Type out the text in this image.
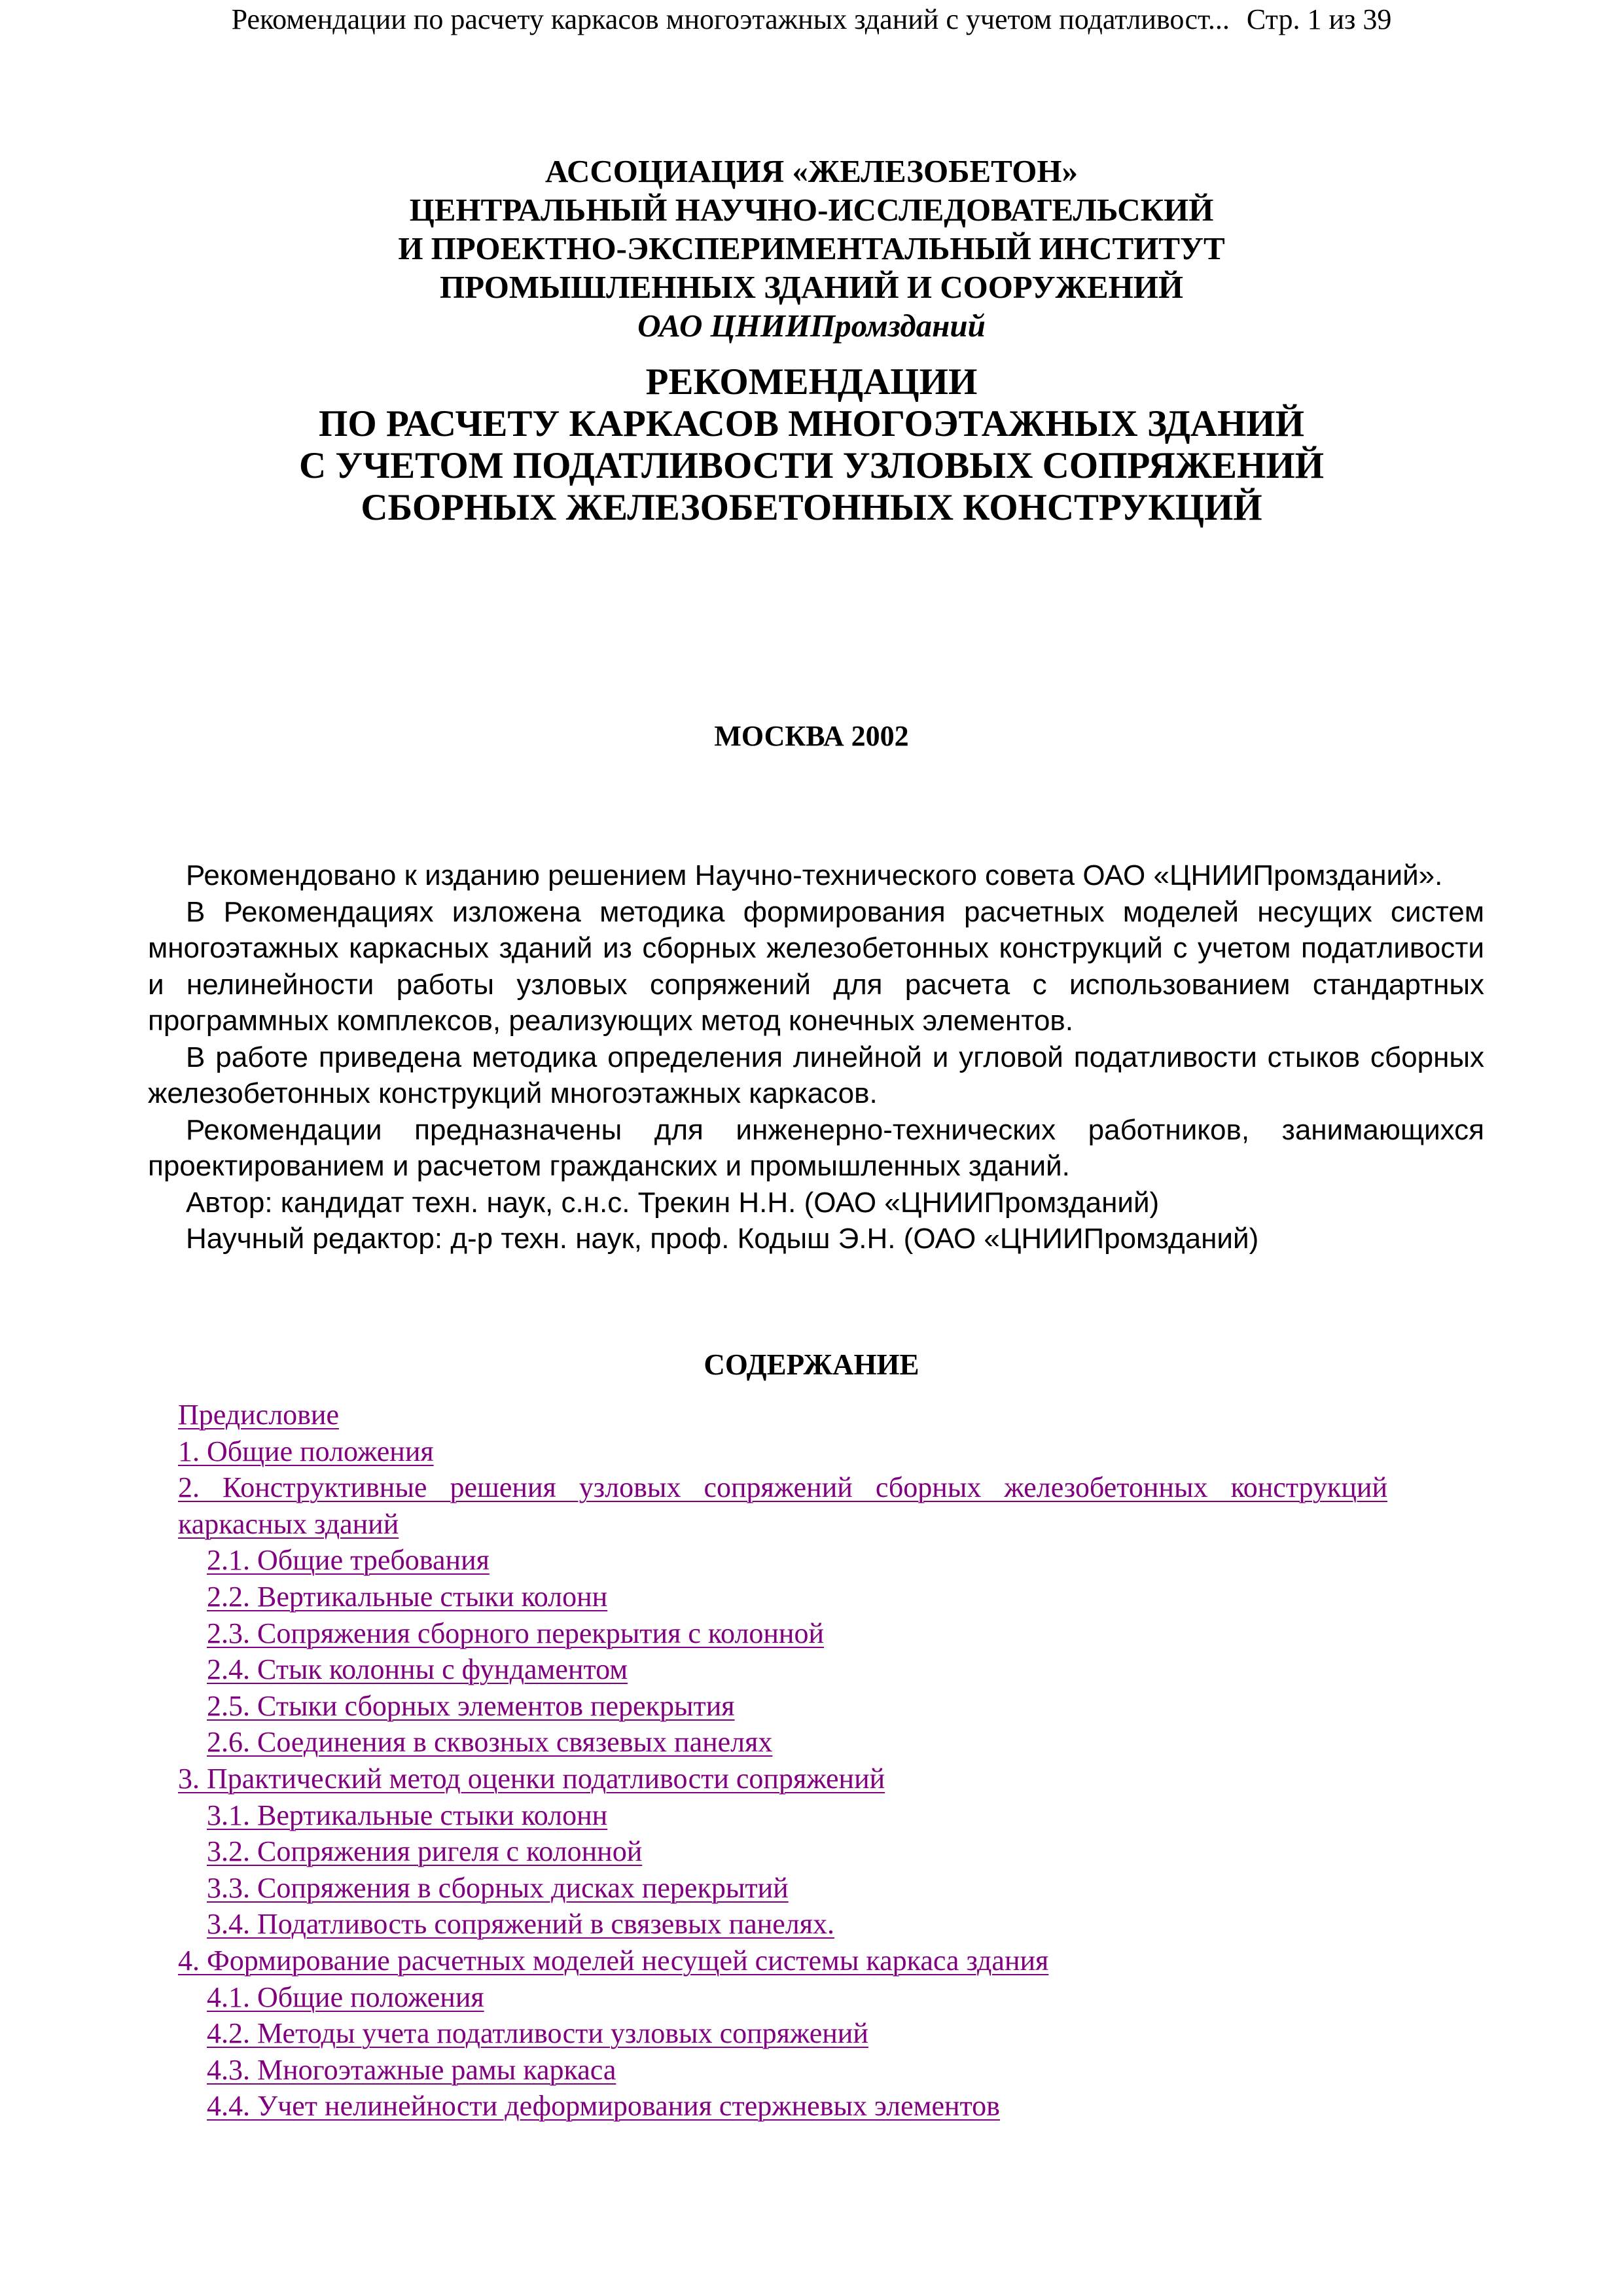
Рекомендации по расчету каркасов многоэтажных зданий с учетом податливост... Стр. 1 из 39
АССОЦИАЦИЯ «ЖЕЛЕЗОБЕТОН»
ЦЕНТРАЛЬНЫЙ НАУЧНО-ИССЛЕДОВАТЕЛЬСКИЙ
И ПРОЕКТНО-ЭКСПЕРИМЕНТАЛЬНЫЙ ИНСТИТУТ
ПРОМЫШЛЕННЫХ ЗДАНИЙ И СООРУЖЕНИЙ
ОАО ЦНИИПромзданий
РЕКОМЕНДАЦИИ
ПО РАСЧЕТУ КАРКАСОВ МНОГОЭТАЖНЫХ ЗДАНИЙ
С УЧЕТОМ ПОДАТЛИВОСТИ УЗЛОВЫХ СОПРЯЖЕНИЙ
СБОРНЫХ ЖЕЛЕЗОБЕТОННЫХ КОНСТРУКЦИЙ
МОСКВА 2002

Рекомендовано к изданию решением Научно-технического совета ОАО «ЦНИИПромзданий».

В Рекомендациях изложена методика формирования расчетных моделей несущих систем многоэтажных каркасных зданий из сборных железобетонных конструкций с учетом податливости и нелинейности работы узловых сопряжений для расчета с использованием стандартных программных комплексов, реализующих метод конечных элементов.

В работе приведена методика определения линейной и угловой податливости стыков сборных железобетонных конструкций многоэтажных каркасов.

Рекомендации предназначены для инженерно-технических работников, занимающихся проектированием и расчетом гражданских и промышленных зданий.

Автор: кандидат техн. наук, с.н.с. Трекин Н.Н. (ОАО «ЦНИИПромзданий)

Научный редактор: д-р техн. наук, проф. Кодыш Э.Н. (ОАО «ЦНИИПромзданий)

СОДЕРЖАНИЕ
Предисловие
1. Общие положения
2. Конструктивные решения узловых сопряжений сборных железобетонных конструкций каркасных зданий
2.1. Общие требования
2.2. Вертикальные стыки колонн
2.3. Сопряжения сборного перекрытия с колонной
2.4. Стык колонны с фундаментом
2.5. Стыки сборных элементов перекрытия
2.6. Соединения в сквозных связевых панелях
3. Практический метод оценки податливости сопряжений
3.1. Вертикальные стыки колонн
3.2. Сопряжения ригеля с колонной
3.3. Сопряжения в сборных дисках перекрытий
3.4. Податливость сопряжений в связевых панелях.
4. Формирование расчетных моделей несущей системы каркаса здания
4.1. Общие положения
4.2. Методы учета податливости узловых сопряжений
4.3. Многоэтажные рамы каркаса
4.4. Учет нелинейности деформирования стержневых элементов
